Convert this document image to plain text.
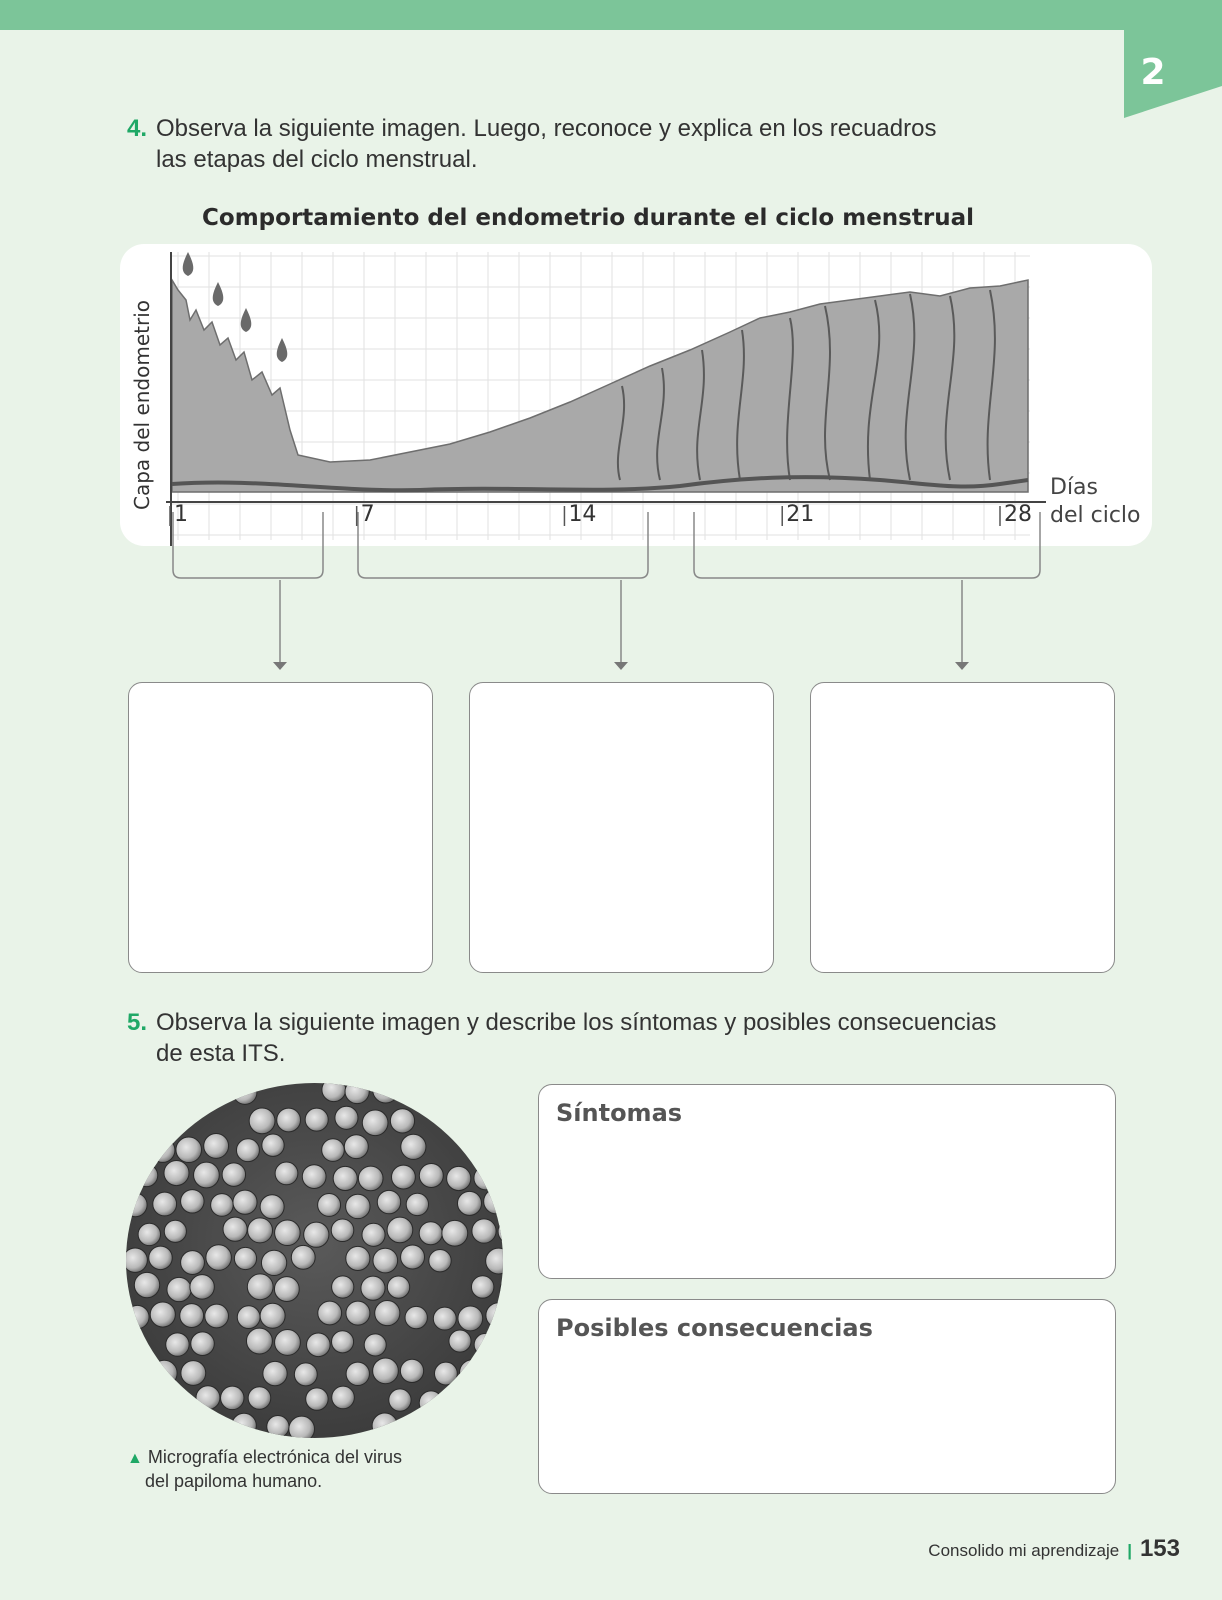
2
4. Observa la siguiente imagen. Luego, reconoce y explica en los recuadros las etapas del ciclo menstrual.
Comportamiento del endometrio durante el ciclo menstrual
Capa del endometrio	Días
del ciclo
1	7	14	21	28
5. Observa la siguiente imagen y describe los síntomas y posibles consecuencias de esta ITS.
▲ Micrografía electrónica del virus
del papiloma humano.
Síntomas
Posibles consecuencias
Consolido mi aprendizaje | 153
